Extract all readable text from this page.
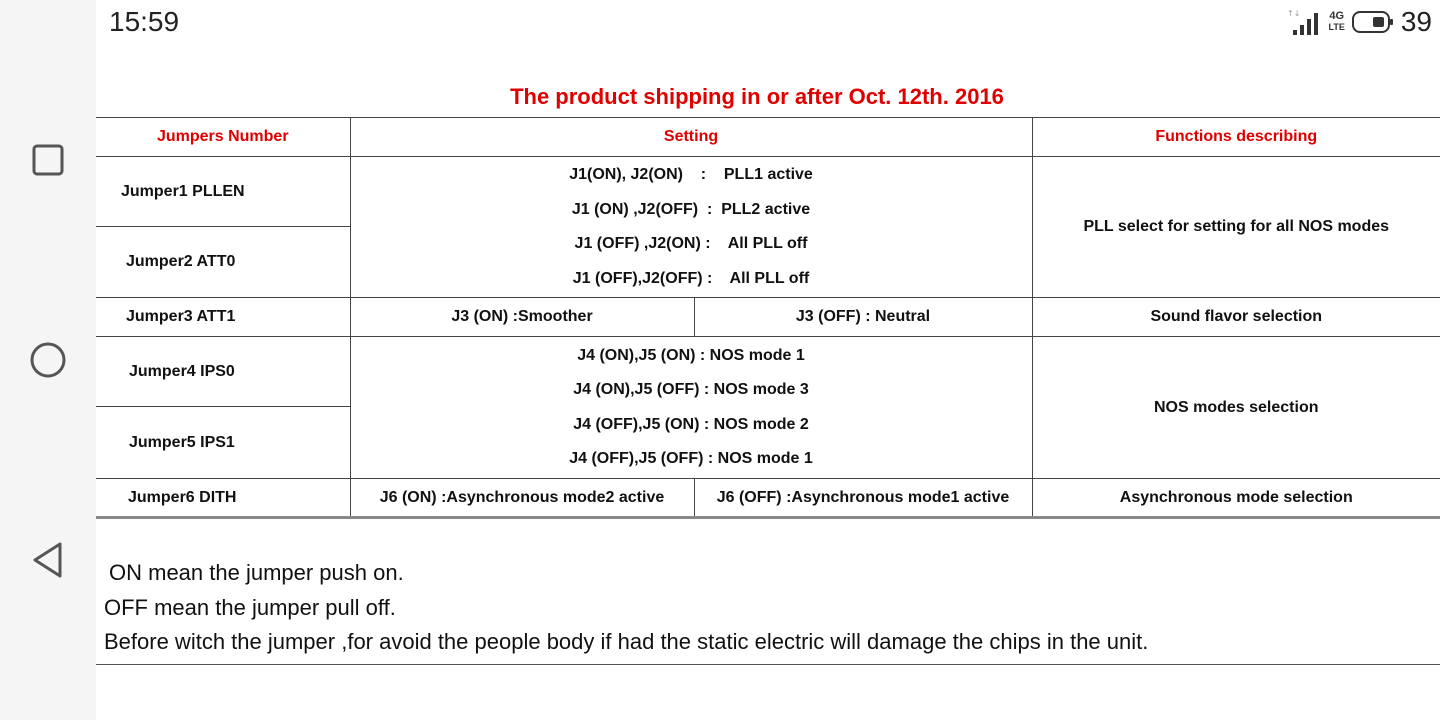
15:59	↑↓	4G
LTE 39
The product shipping in or after Oct. 12th. 2016
Jumpers Number	Setting		Functions describing
Jumper1 PLLEN	J1(ON), J2(ON)    :    PLL1 active
J1 (ON) ,J2(OFF)  :  PLL2 active
J1 (OFF) ,J2(ON) :    All PLL off
J1 (OFF),J2(OFF) :    All PLL off		PLL select for setting for all NOS modes
Jumper2 ATT0			
Jumper3 ATT1	J3 (ON) :Smoother	J3 (OFF) : Neutral	Sound flavor selection
Jumper4 IPS0	J4 (ON),J5 (ON) : NOS mode 1
J4 (ON),J5 (OFF) : NOS mode 3
J4 (OFF),J5 (ON) : NOS mode 2
J4 (OFF),J5 (OFF) : NOS mode 1		NOS modes selection
Jumper5 IPS1			
Jumper6 DITH	J6 (ON) :Asynchronous mode2 active	J6 (OFF) :Asynchronous mode1 active	Asynchronous mode selection
ON mean the jumper push on.
OFF mean the jumper pull off.
Before witch the jumper ,for avoid the people body if had the static electric will damage the chips in the unit.
